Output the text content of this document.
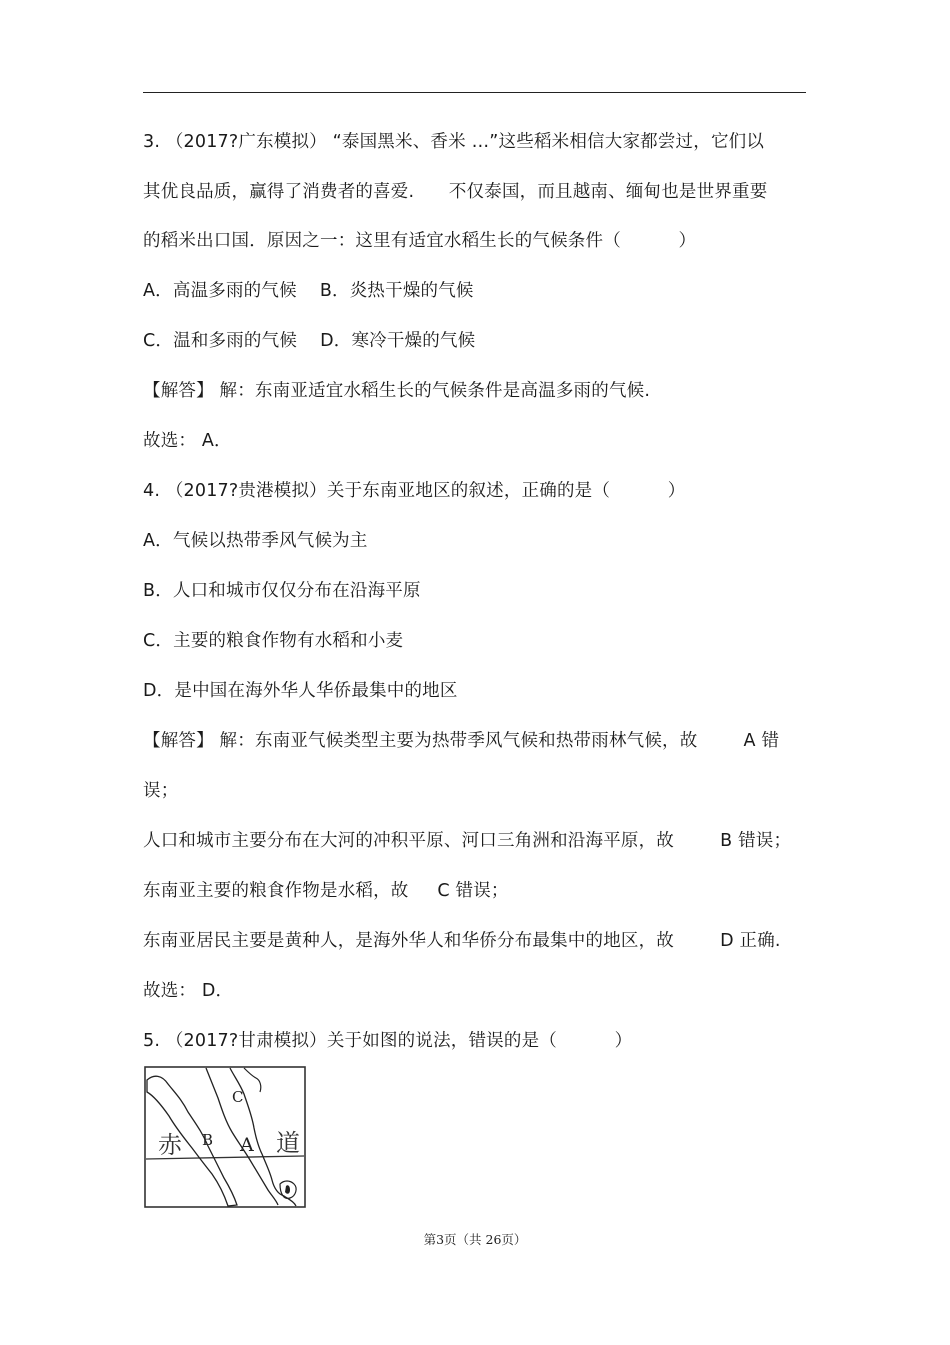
3. （2017?广东模拟） “泰国黑米、香米 …”这些稻米相信大家都尝过，它们以
其优良品质，赢得了消费者的喜爱.      不仅泰国，而且越南、缅甸也是世界重要
的稻米出口国．原因之一：这里有适宜水稻生长的气候条件（          ）
A．高温多雨的气候    B．炎热干燥的气候
C．温和多雨的气候    D．寒冷干燥的气候
【解答】 解：东南亚适宜水稻生长的气候条件是高温多雨的气候.
故选： A．
4. （2017?贵港模拟）关于东南亚地区的叙述，正确的是（          ）
A．气候以热带季风气候为主
B．人口和城市仅仅分布在沿海平原
C．主要的粮食作物有水稻和小麦
D．是中国在海外华人华侨最集中的地区
【解答】 解：东南亚气候类型主要为热带季风气候和热带雨林气候，故        A 错
误；
人口和城市主要分布在大河的冲积平原、河口三角洲和沿海平原，故        B 错误；
东南亚主要的粮食作物是水稻，故     C 错误；
东南亚居民主要是黄种人，是海外华人和华侨分布最集中的地区，故        D 正确.
故选： D．
5. （2017?甘肃模拟）关于如图的说法，错误的是（          ）
C
B A
赤	道
第3页（共 26页）
